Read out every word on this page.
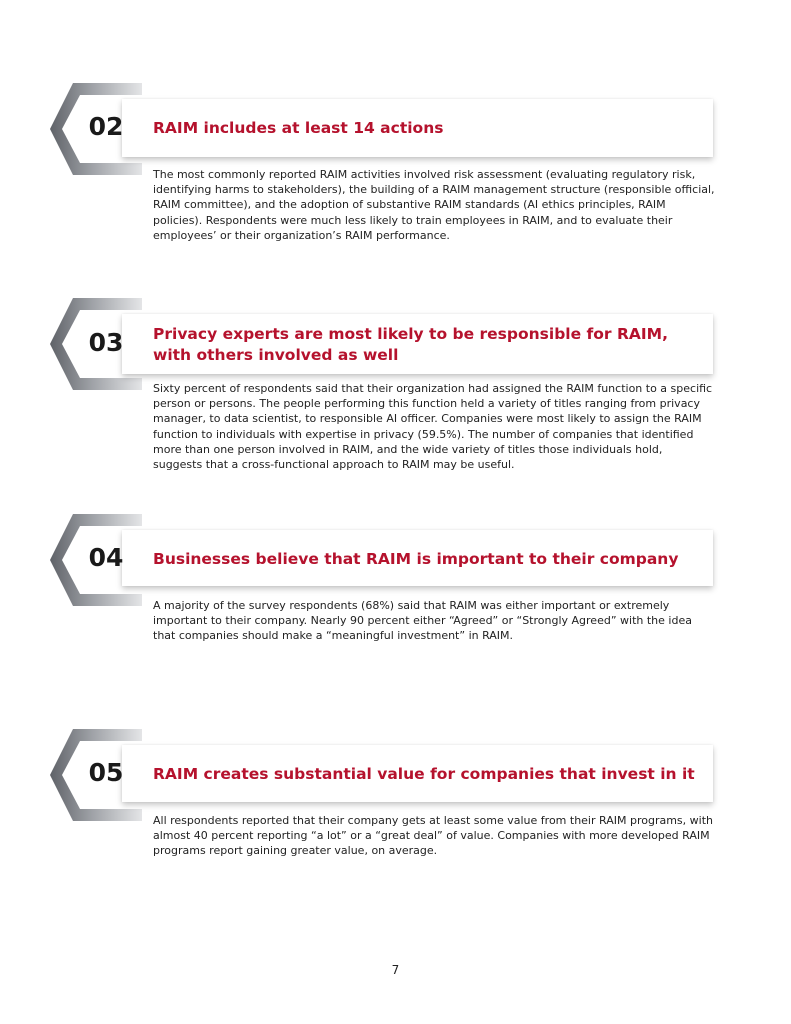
02 RAIM includes at least 14 actions

The most commonly reported RAIM activities involved risk assessment (evaluating regulatory risk, identifying harms to stakeholders), the building of a RAIM management structure (responsible official, RAIM committee), and the adoption of substantive RAIM standards (AI ethics principles, RAIM policies). Respondents were much less likely to train employees in RAIM, and to evaluate their employees’ or their organization’s RAIM performance.

03 Privacy experts are most likely to be responsible for RAIM, with others involved as well

Sixty percent of respondents said that their organization had assigned the RAIM function to a specific person or persons. The people performing this function held a variety of titles ranging from privacy manager, to data scientist, to responsible AI officer. Companies were most likely to assign the RAIM function to individuals with expertise in privacy (59.5%). The number of companies that identified more than one person involved in RAIM, and the wide variety of titles those individuals hold, suggests that a cross-functional approach to RAIM may be useful.

04 Businesses believe that RAIM is important to their company

A majority of the survey respondents (68%) said that RAIM was either important or extremely important to their company. Nearly 90 percent either “Agreed” or “Strongly Agreed” with the idea that companies should make a “meaningful investment” in RAIM.

05 RAIM creates substantial value for companies that invest in it

All respondents reported that their company gets at least some value from their RAIM programs, with almost 40 percent reporting “a lot” or a “great deal” of value. Companies with more developed RAIM programs report gaining greater value, on average.

7
